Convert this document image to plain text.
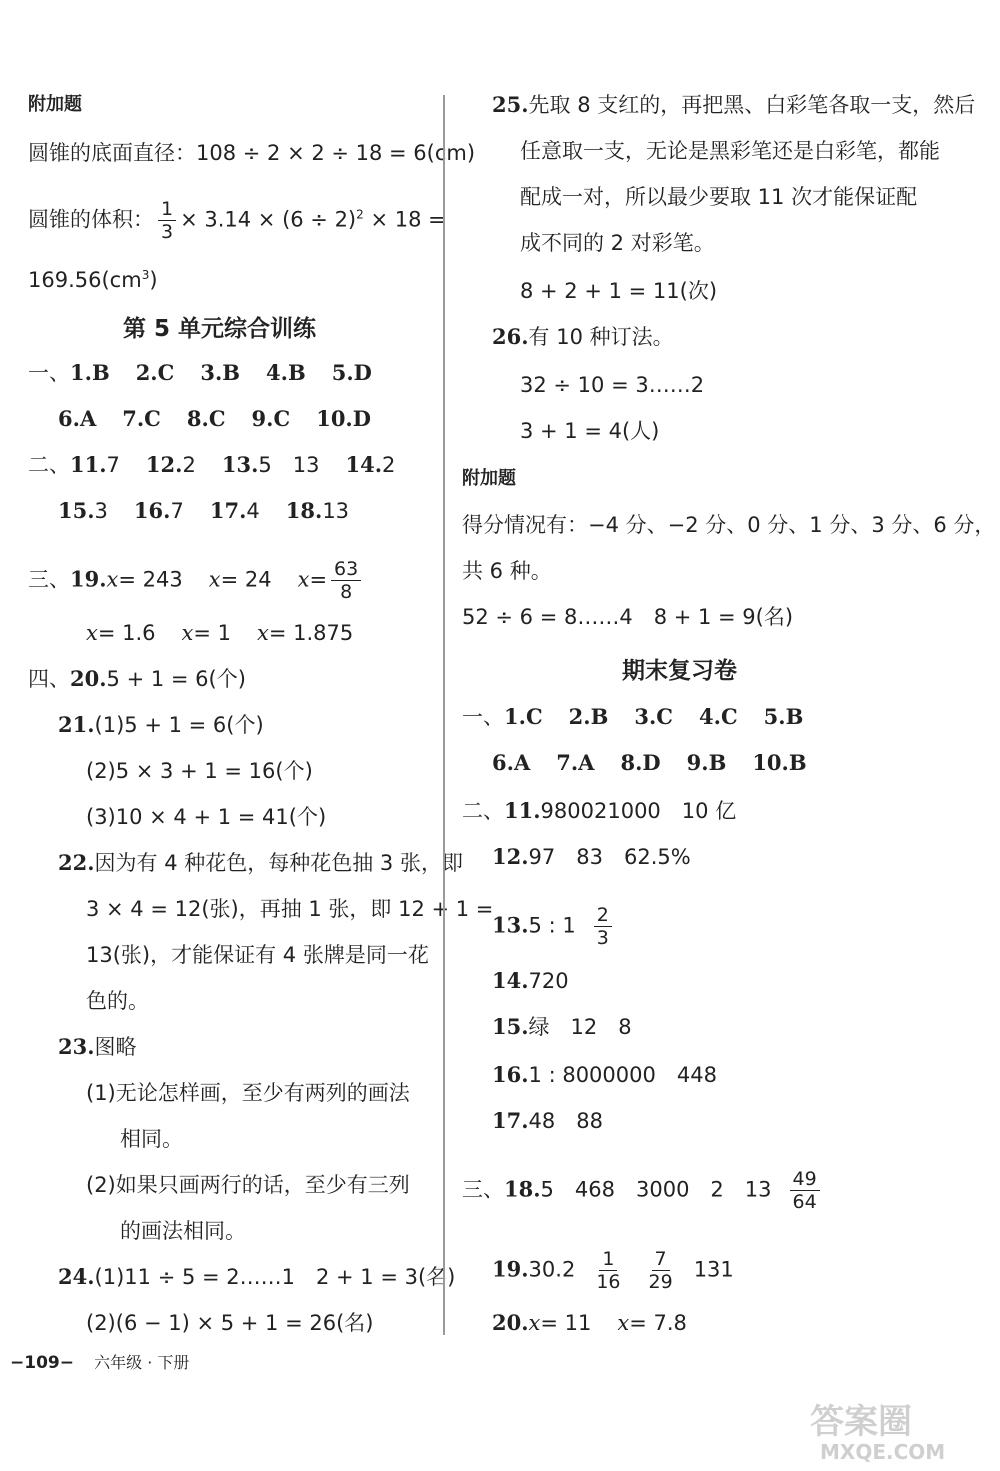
附加题
圆锥的底面直径：108 ÷ 2 × 2 ÷ 18 = 6(cm)
圆锥的体积： $\frac{1}{3} \times 3.14 \times (6 \div 2)^2 \times 18$ =
$169.56(cm^3)$
第 5 单元综合训练
一、1.B 2.C 3.B 4.B 5.D
6.A 7.C 8.C 9.C 10.D
二、11.7 12.2 13.5　13 14.2
15.3 16.7 17.4 18.13
三、19.x= 243 x= 24 $x= \frac{63}{8}$
x= 1.6 x= 1 x= 1.875
四、20.5 + 1 = 6(个)
21.(1)5 + 1 = 6(个)
(2)5 × 3 + 1 = 16(个)
(3)10 × 4 + 1 = 41(个)
22.因为有 4 种花色，每种花色抽 3 张，即
3 × 4 = 12(张)，再抽 1 张，即 12 + 1 =
13(张)，才能保证有 4 张牌是同一花
色的。
23.图略
(1)无论怎样画，至少有两列的画法
相同。
(2)如果只画两行的话，至少有三列
的画法相同。
24.(1)11 ÷ 5 = 2……1　2 + 1 = 3(名)
(2)(6 − 1) × 5 + 1 = 26(名)
25.先取 8 支红的，再把黑、白彩笔各取一支，然后
任意取一支，无论是黑彩笔还是白彩笔，都能
配成一对，所以最少要取 11 次才能保证配
成不同的 2 对彩笔。
8 + 2 + 1 = 11(次)
26.有 10 种订法。
32 ÷ 10 = 3……2
3 + 1 = 4(人)
附加题
得分情况有：−4 分、−2 分、0 分、1 分、3 分、6 分，
共 6 种。
52 ÷ 6 = 8……4　8 + 1 = 9(名)
期末复习卷
一、1.C 2.B 3.C 4.C 5.B
6.A 7.A 8.D 9.B 10.B
二、11.980021000　10 亿
12.97　83　62.5%
13.5 : $1 \frac{2}{3}$
14.720
15.绿　12　8
16.1 : 8000000　448
17.48　88
三、18.5　468　3000　2　$13 \frac{49}{64}$
$19.30.2 \frac{1}{16} \frac{7}{29} 131$
20.x= 11 x= 7.8
−109− 六年级 · 下册
答案圈
MXQE.COM
